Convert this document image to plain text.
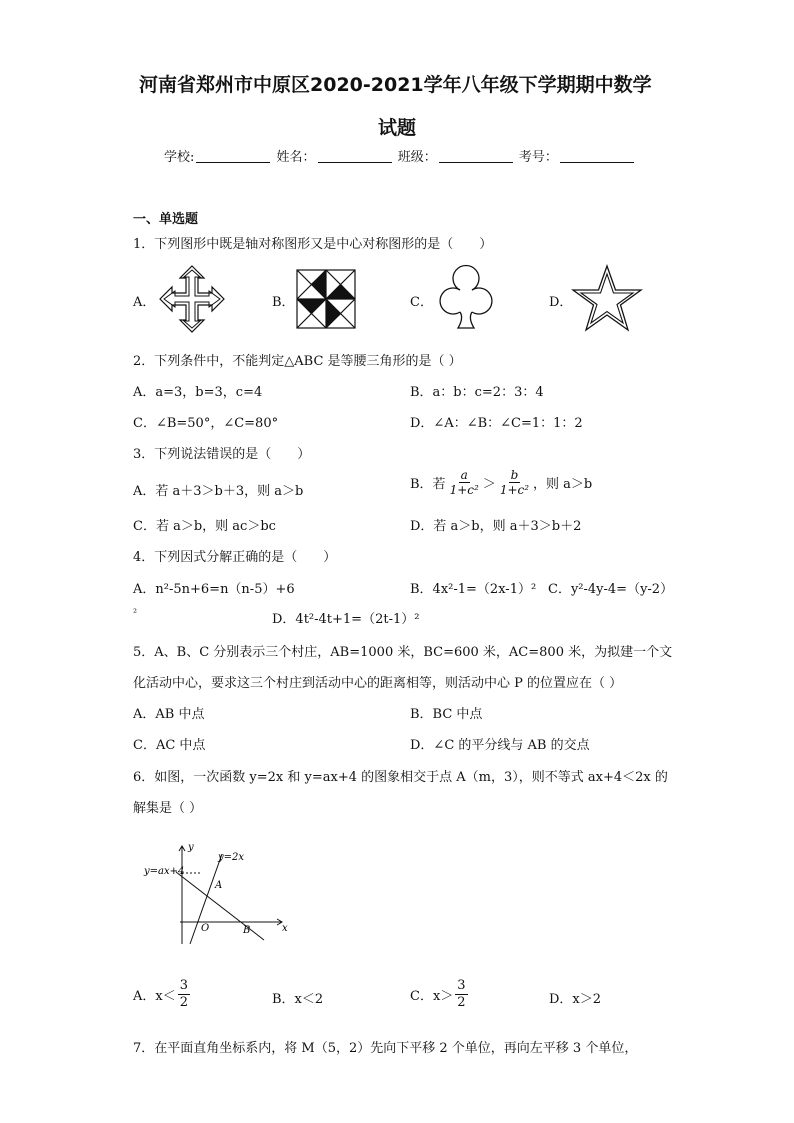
河南省郑州市中原区2020-2021学年八年级下学期期中数学
试题
学校:	姓名：	班级：	考号：
一、单选题
1．下列图形中既是轴对称图形又是中心对称图形的是（　　）
A．	B．	C．	D．
2．下列条件中，不能判定△ABC 是等腰三角形的是（ ）
A．a=3，b=3，c=4	B．a：b：c=2：3：4
C．∠B=50°，∠C=80°	D．∠A：∠B：∠C=1：1：2
3．下列说法错误的是（　　）
A．若 a＋3＞b＋3，则 a＞b	B．若 $\frac{a}{\text{1+c²}} > \frac{b}{\text{1+c²}}$ ，则 a＞b
C．若 a＞b，则 ac＞bc	D．若 a＞b，则 a＋3＞b＋2
4．下列因式分解正确的是（　　）
A．n²-5n+6=n（n-5）+6	B．4x²-1=（2x-1）² C．y²-4y-4=（y-2）
²	D．4t²-4t+1=（2t-1）²
5．A、B、C 分别表示三个村庄，AB=1000 米，BC=600 米，AC=800 米，为拟建一个文
化活动中心，要求这三个村庄到活动中心的距离相等，则活动中心 P 的位置应在（ ）
A．AB 中点	B．BC 中点
C．AC 中点	D．∠C 的平分线与 AB 的交点
6．如图，一次函数 y=2x 和 y=ax+4 的图象相交于点 A（m，3），则不等式 ax+4＜2x 的
解集是（ ）
y
x
y=2x
y=ax+4
A
B
O
A．$x< \frac{3}{2}$	B．x＜2	C．$x> \frac{3}{2}$	D．x＞2
7．在平面直角坐标系内，将 M（5，2）先向下平移 2 个单位，再向左平移 3 个单位，
